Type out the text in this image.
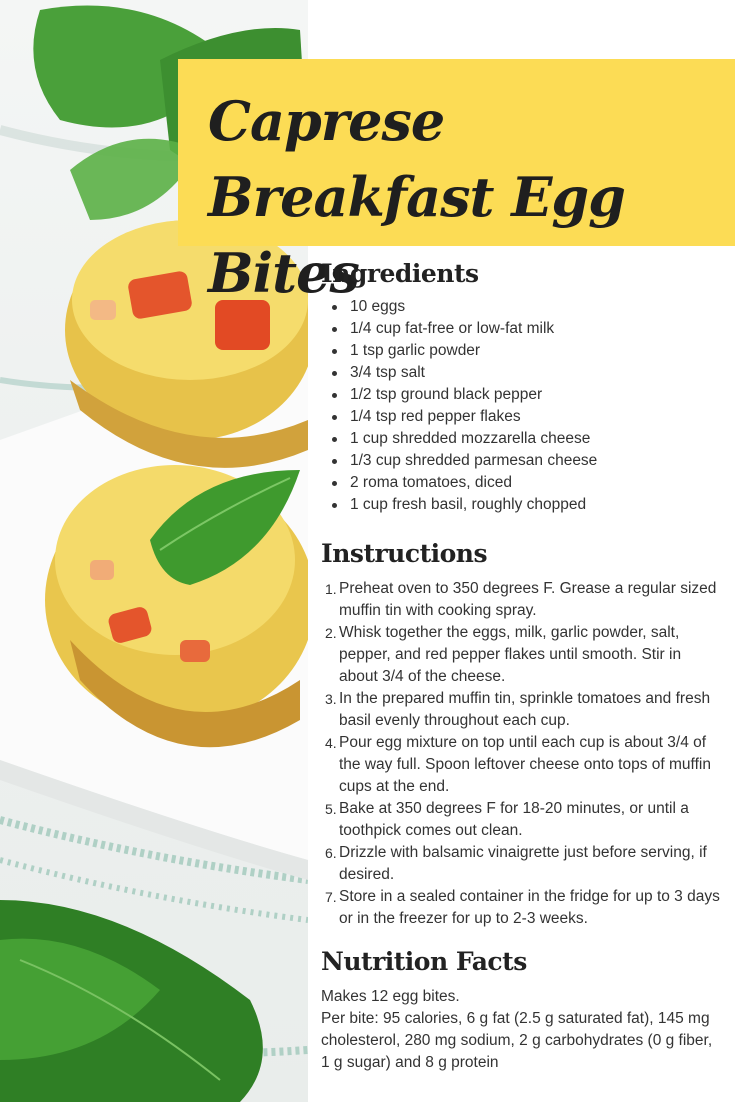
Caprese Breakfast Egg Bites
Ingredients
10 eggs
1/4 cup fat-free or low-fat milk
1 tsp garlic powder
3/4 tsp salt
1/2 tsp ground black pepper
1/4 tsp red pepper flakes
1 cup shredded mozzarella cheese
1/3 cup shredded parmesan cheese
2 roma tomatoes, diced
1 cup fresh basil, roughly chopped
Instructions
1. Preheat oven to 350 degrees F. Grease a regular sized muffin tin with cooking spray.
2. Whisk together the eggs, milk, garlic powder, salt, pepper, and red pepper flakes until smooth. Stir in about 3/4 of the cheese.
3. In the prepared muffin tin, sprinkle tomatoes and fresh basil evenly throughout each cup.
4. Pour egg mixture on top until each cup is about 3/4 of the way full. Spoon leftover cheese onto tops of muffin cups at the end.
5. Bake at 350 degrees F for 18-20 minutes, or until a toothpick comes out clean.
6. Drizzle with balsamic vinaigrette just before serving, if desired.
7. Store in a sealed container in the fridge for up to 3 days or in the freezer for up to 2-3 weeks.
Nutrition Facts

Makes 12 egg bites.
Per bite: 95 calories, 6 g fat (2.5 g saturated fat), 145 mg cholesterol, 280 mg sodium, 2 g carbohydrates (0 g fiber, 1 g sugar) and 8 g protein
